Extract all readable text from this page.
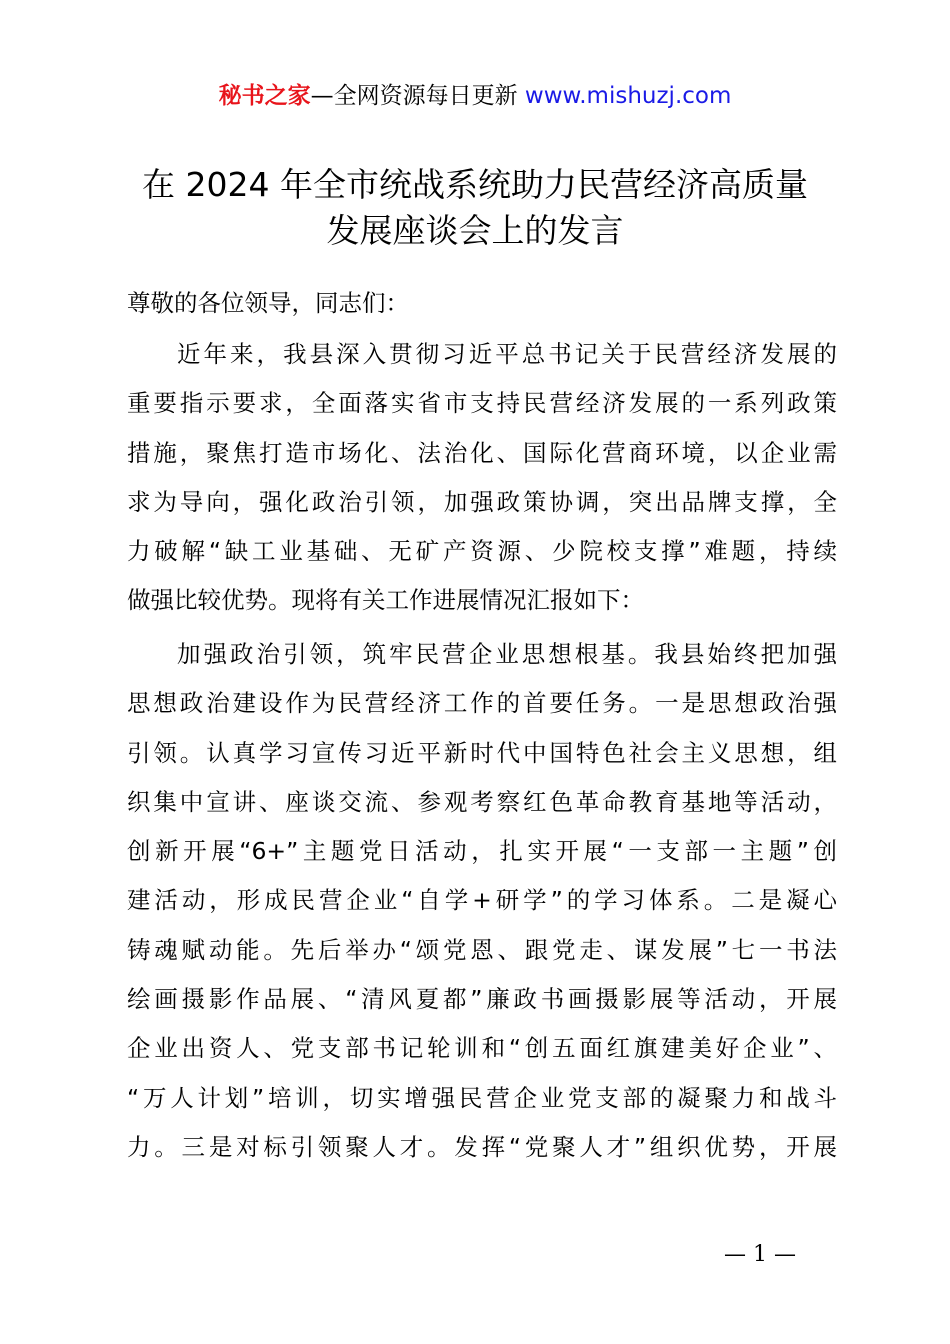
秘书之家—全网资源每日更新 www.mishuzj.com
在 2024 年全市统战系统助力民营经济高质量
发展座谈会上的发言
尊敬的各位领导，同志们：
近年来，我县深入贯彻习近平总书记关于民营经济发展的
重要指示要求，全面落实省市支持民营经济发展的一系列政策
措施，聚焦打造市场化、法治化、国际化营商环境，以企业需
求为导向，强化政治引领，加强政策协调，突出品牌支撑，全
力破解“缺工业基础、无矿产资源、少院校支撑”难题，持续
做强比较优势。现将有关工作进展情况汇报如下：
加强政治引领，筑牢民营企业思想根基。我县始终把加强
思想政治建设作为民营经济工作的首要任务。一是思想政治强
引领。认真学习宣传习近平新时代中国特色社会主义思想，组
织集中宣讲、座谈交流、参观考察红色革命教育基地等活动，
创新开展“6+”主题党日活动，扎实开展“一支部一主题”创
建活动，形成民营企业“自学+研学”的学习体系。二是凝心
铸魂赋动能。先后举办“颂党恩、跟党走、谋发展”七一书法
绘画摄影作品展、“清风夏都”廉政书画摄影展等活动，开展
企业出资人、党支部书记轮训和“创五面红旗建美好企业”、
“万人计划”培训，切实增强民营企业党支部的凝聚力和战斗
力。三是对标引领聚人才。发挥“党聚人才”组织优势，开展
— 1 —
